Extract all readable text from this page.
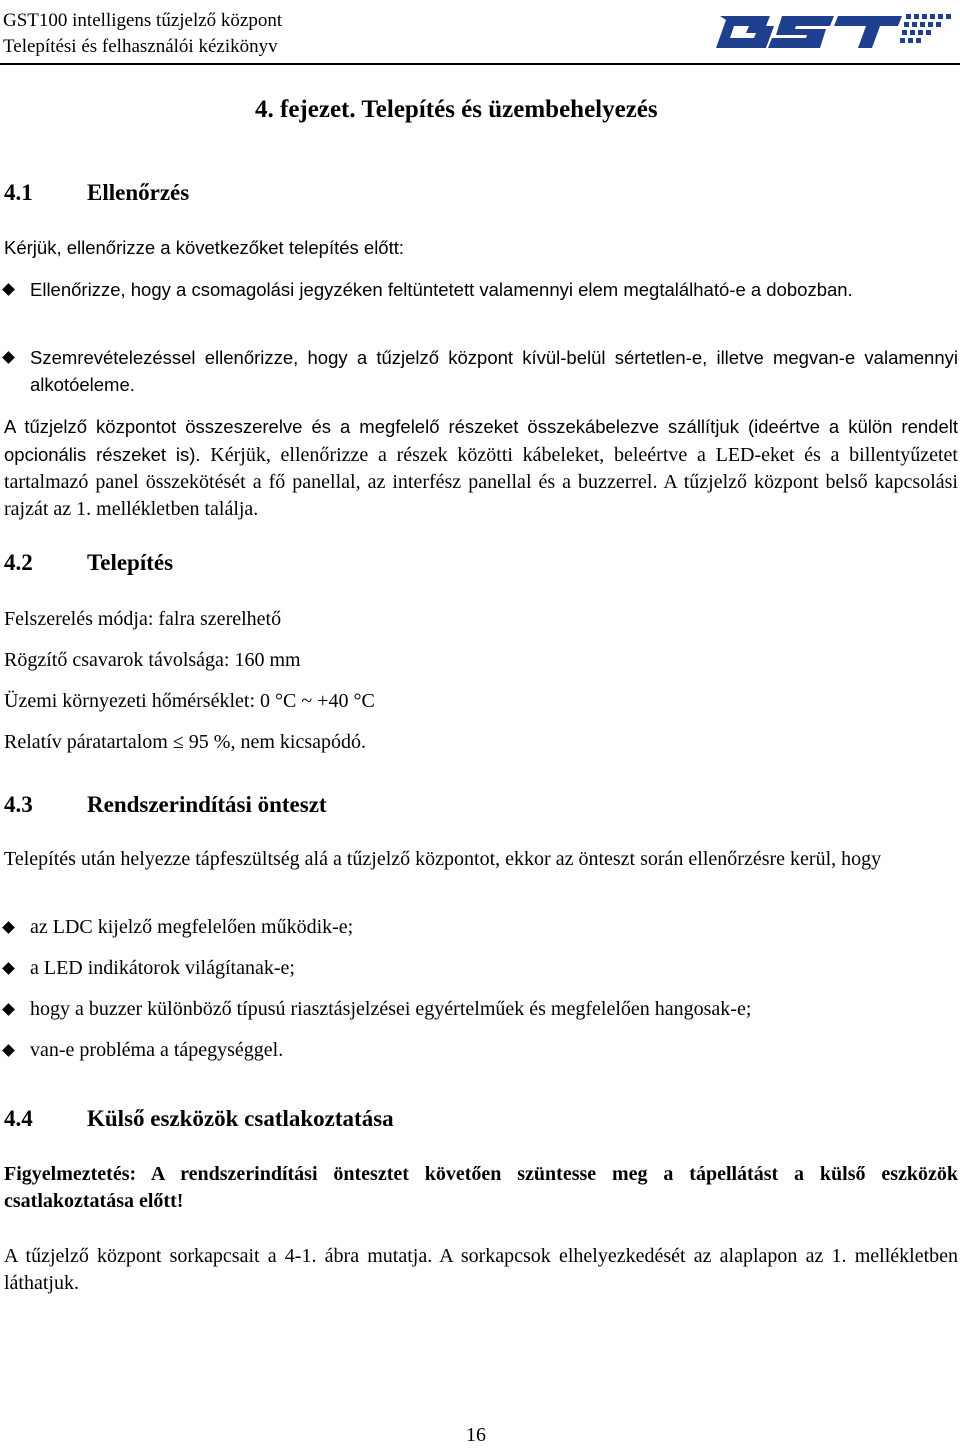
GST100 intelligens tűzjelző központ
Telepítési és felhasználói kézikönyv
4. fejezet. Telepítés és üzembehelyezés
4.1 Ellenőrzés
Kérjük, ellenőrizze a következőket telepítés előtt:
Ellenőrizze, hogy a csomagolási jegyzéken feltüntetett valamennyi elem megtalálható-e a dobozban.
Szemrevételezéssel ellenőrizze, hogy a tűzjelző központ kívül-belül sértetlen-e, illetve megvan-e valamennyi alkotóeleme.
A tűzjelző központot összeszerelve és a megfelelő részeket összekábelezve szállítjuk (ideértve a külön rendelt opcionális részeket is). Kérjük, ellenőrizze a részek közötti kábeleket, beleértve a LED-eket és a billentyűzetet tartalmazó panel összekötését a fő panellal, az interfész panellal és a buzzerrel. A tűzjelző központ belső kapcsolási rajzát az 1. mellékletben találja.
4.2 Telepítés
Felszerelés módja: falra szerelhető
Rögzítő csavarok távolsága: 160 mm
Üzemi környezeti hőmérséklet: 0 °C ~ +40 °C
Relatív páratartalom ≤ 95 %, nem kicsapódó.
4.3 Rendszerindítási önteszt
Telepítés után helyezze tápfeszültség alá a tűzjelző központot, ekkor az önteszt során ellenőrzésre kerül, hogy
az LDC kijelző megfelelően működik-e;
a LED indikátorok világítanak-e;
hogy a buzzer különböző típusú riasztásjelzései egyértelműek és megfelelően hangosak-e;
van-e probléma a tápegységgel.
4.4 Külső eszközök csatlakoztatása
Figyelmeztetés: A rendszerindítási öntesztet követően szüntesse meg a tápellátást a külső eszközök csatlakoztatása előtt!
A tűzjelző központ sorkapcsait a 4-1. ábra mutatja. A sorkapcsok elhelyezkedését az alaplapon az 1. mellékletben láthatjuk.
16
